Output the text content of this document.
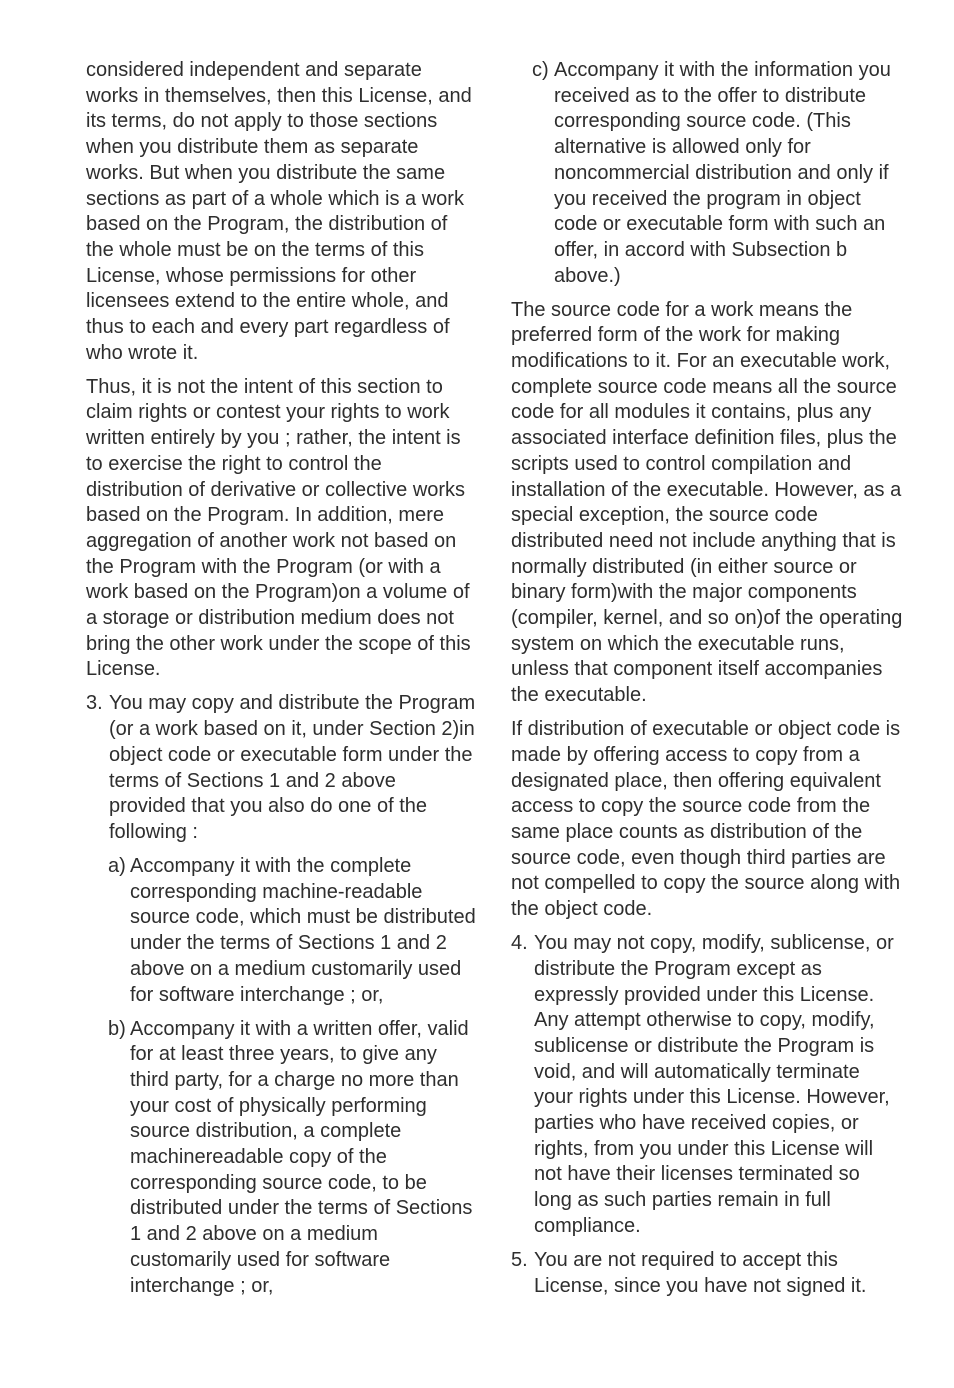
considered independent and separate works in themselves, then this License, and its terms, do not apply to those sections when you distribute them as separate works. But when you distribute the same sections as part of a whole which is a work based on the Program, the distribution of the whole must be on the terms of this License, whose permissions for other licensees extend to the entire whole, and thus to each and every part regardless of who wrote it.

Thus, it is not the intent of this section to claim rights or contest your rights to work written entirely by you ; rather, the intent is to exercise the right to control the distribution of derivative or collective works based on the Program. In addition, mere aggregation of another work not based on the Program with the Program (or with a work based on the Program)on a volume of a storage or distribution medium does not bring the other work under the scope of this License.

3. You may copy and distribute the Program (or a work based on it, under Section 2)in object code or executable form under the terms of Sections 1 and 2 above provided that you also do one of the following :
a) Accompany it with the complete corresponding machine-readable source code, which must be distributed under the terms of Sections 1 and 2 above on a medium customarily used for software interchange ; or,
b) Accompany it with a written offer, valid for at least three years, to give any third party, for a charge no more than your cost of physically performing source distribution, a complete machinereadable copy of the corresponding source code, to be distributed under the terms of Sections 1 and 2 above on a medium customarily used for software interchange ; or,
c) Accompany it with the information you received as to the offer to distribute corresponding source code. (This alternative is allowed only for noncommercial distribution and only if you received the program in object code or executable form with such an offer, in accord with Subsection b above.)

The source code for a work means the preferred form of the work for making modifications to it. For an executable work, complete source code means all the source code for all modules it contains, plus any associated interface definition files, plus the scripts used to control compilation and installation of the executable. However, as a special exception, the source code distributed need not include anything that is normally distributed (in either source or binary form)with the major components (compiler, kernel, and so on)of the operating system on which the executable runs, unless that component itself accompanies the executable.

If distribution of executable or object code is made by offering access to copy from a designated place, then offering equivalent access to copy the source code from the same place counts as distribution of the source code, even though third parties are not compelled to copy the source along with the object code.

4. You may not copy, modify, sublicense, or distribute the Program except as expressly provided under this License. Any attempt otherwise to copy, modify, sublicense or distribute the Program is void, and will automatically terminate your rights under this License. However, parties who have received copies, or rights, from you under this License will not have their licenses terminated so long as such parties remain in full compliance.
5. You are not required to accept this License, since you have not signed it.
